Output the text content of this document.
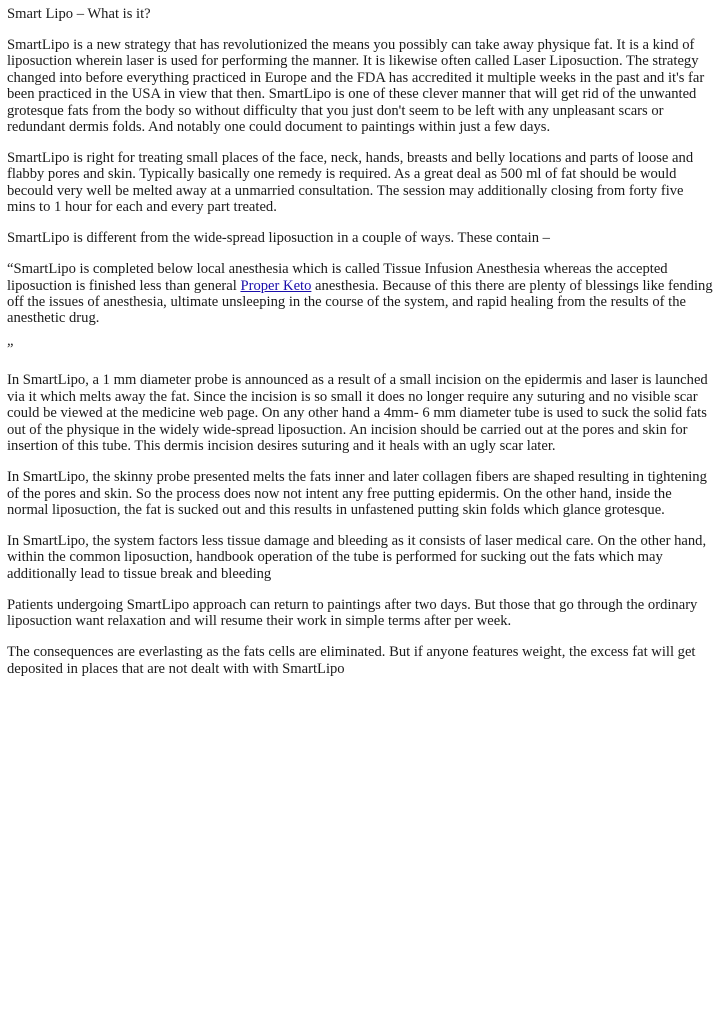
Smart Lipo – What is it?

SmartLipo is a new strategy that has revolutionized the means you possibly can take away physique fat. It is a kind of liposuction wherein laser is used for performing the manner. It is likewise often called Laser Liposuction. The strategy changed into before everything practiced in Europe and the FDA has accredited it multiple weeks in the past and it's far been practiced in the USA in view that then. SmartLipo is one of these clever manner that will get rid of the unwanted grotesque fats from the body so without difficulty that you just don't seem to be left with any unpleasant scars or redundant dermis folds. And notably one could document to paintings within just a few days.

SmartLipo is right for treating small places of the face, neck, hands, breasts and belly locations and parts of loose and flabby pores and skin. Typically basically one remedy is required. As a great deal as 500 ml of fat should be would becould very well be melted away at a unmarried consultation. The session may additionally closing from forty five mins to 1 hour for each and every part treated.

SmartLipo is different from the wide-spread liposuction in a couple of ways. These contain –

“SmartLipo is completed below local anesthesia which is called Tissue Infusion Anesthesia whereas the accepted liposuction is finished less than general Proper Keto anesthesia. Because of this there are plenty of blessings like fending off the issues of anesthesia, ultimate unsleeping in the course of the system, and rapid healing from the results of the anesthetic drug.

”

In SmartLipo, a 1 mm diameter probe is announced as a result of a small incision on the epidermis and laser is launched via it which melts away the fat. Since the incision is so small it does no longer require any suturing and no visible scar could be viewed at the medicine web page. On any other hand a 4mm- 6 mm diameter tube is used to suck the solid fats out of the physique in the widely wide-spread liposuction. An incision should be carried out at the pores and skin for insertion of this tube. This dermis incision desires suturing and it heals with an ugly scar later.

In SmartLipo, the skinny probe presented melts the fats inner and later collagen fibers are shaped resulting in tightening of the pores and skin. So the process does now not intent any free putting epidermis. On the other hand, inside the normal liposuction, the fat is sucked out and this results in unfastened putting skin folds which glance grotesque.

In SmartLipo, the system factors less tissue damage and bleeding as it consists of laser medical care. On the other hand, within the common liposuction, handbook operation of the tube is performed for sucking out the fats which may additionally lead to tissue break and bleeding

Patients undergoing SmartLipo approach can return to paintings after two days. But those that go through the ordinary liposuction want relaxation and will resume their work in simple terms after per week.

The consequences are everlasting as the fats cells are eliminated. But if anyone features weight, the excess fat will get deposited in places that are not dealt with with SmartLipo
